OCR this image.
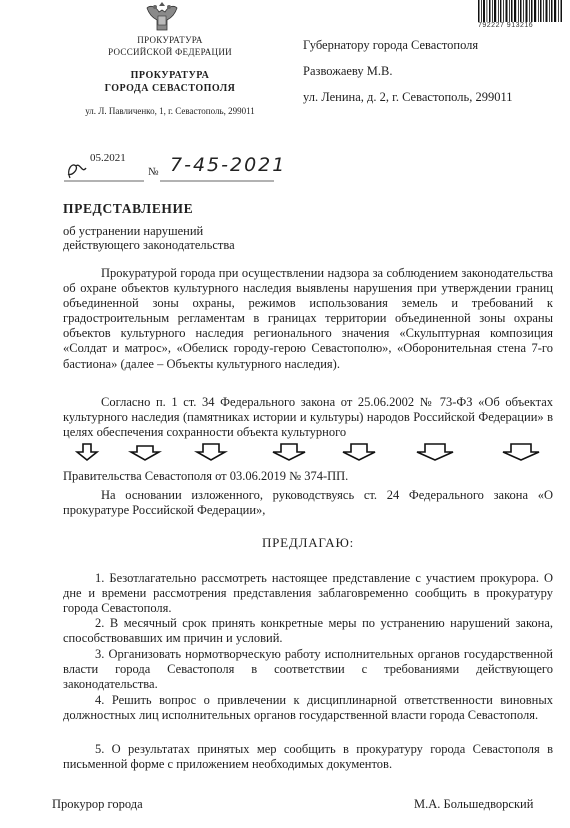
792227 913216
ПРОКУРАТУРА
РОССИЙСКОЙ ФЕДЕРАЦИИ
ПРОКУРАТУРА
ГОРОДА СЕВАСТОПОЛЯ
ул. Л. Павличенко, 1, г. Севастополь, 299011
Губернатору города Севастополя
Развожаеву М.В.
ул. Ленина, д. 2, г. Севастополь, 299011
05.2021
№ 7-45-2021
ПРЕДСТАВЛЕНИЕ
об устранении нарушений
действующего законодательства
Прокуратурой города при осуществлении надзора за соблюдением законодательства об охране объектов культурного наследия выявлены нарушения при утверждении границ объединенной зоны охраны, режимов использования земель и требований к градостроительным регламентам в границах территории объединенной зоны охраны объектов культурного наследия регионального значения «Скульптурная композиция «Солдат и матрос», «Обелиск городу-герою Севастополю», «Оборонительная стена 7-го бастиона» (далее – Объекты культурного наследия).
Согласно п. 1 ст. 34 Федерального закона от 25.06.2002 № 73-ФЗ «Об объектах культурного наследия (памятниках истории и культуры) народов Российской Федерации» в целях обеспечения сохранности объекта культурного
Правительства Севастополя от 03.06.2019 № 374-ПП.
На основании изложенного, руководствуясь ст. 24 Федерального закона «О прокуратуре Российской Федерации»,
ПРЕДЛАГАЮ:
1. Безотлагательно рассмотреть настоящее представление с участием прокурора. О дне и времени рассмотрения представления заблаговременно сообщить в прокуратуру города Севастополя.
2. В месячный срок принять конкретные меры по устранению нарушений закона, способствовавших им причин и условий.
3. Организовать нормотворческую работу исполнительных органов государственной власти города Севастополя в соответствии с требованиями действующего законодательства.
4. Решить вопрос о привлечении к дисциплинарной ответственности виновных должностных лиц исполнительных органов государственной власти города Севастополя.
5. О результатах принятых мер сообщить в прокуратуру города Севастополя в письменной форме с приложением необходимых документов.
Прокурор города	М.А. Большедворский
